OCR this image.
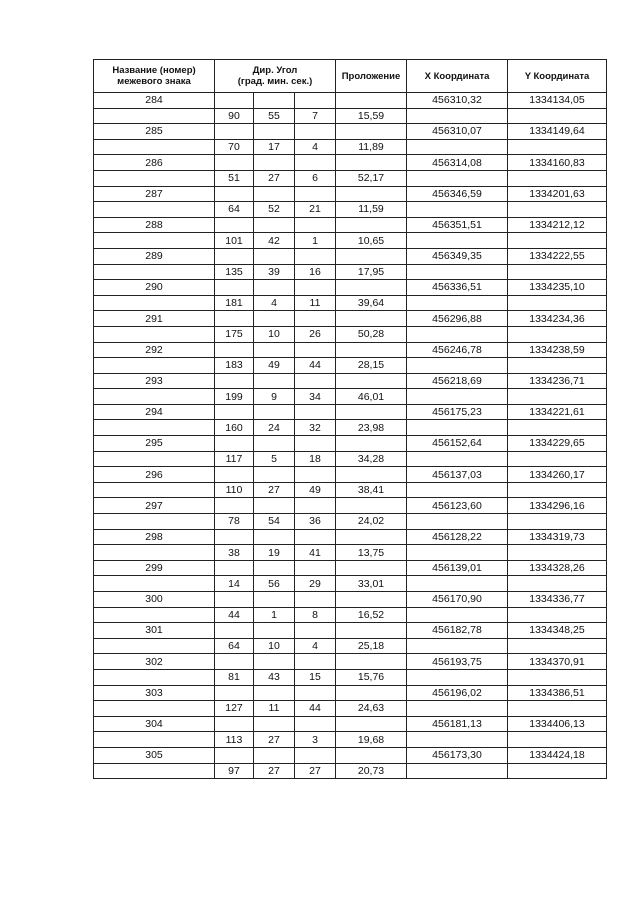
Название (номер) межевого знака	Дир. Угол
(град. мин. сек.)			Проложение	X Координата	Y Координата
284					456310,32	1334134,05
	90	55	7	15,59		
285					456310,07	1334149,64
	70	17	4	11,89		
286					456314,08	1334160,83
	51	27	6	52,17		
287					456346,59	1334201,63
	64	52	21	11,59		
288					456351,51	1334212,12
	101	42	1	10,65		
289					456349,35	1334222,55
	135	39	16	17,95		
290					456336,51	1334235,10
	181	4	11	39,64		
291					456296,88	1334234,36
	175	10	26	50,28		
292					456246,78	1334238,59
	183	49	44	28,15		
293					456218,69	1334236,71
	199	9	34	46,01		
294					456175,23	1334221,61
	160	24	32	23,98		
295					456152,64	1334229,65
	117	5	18	34,28		
296					456137,03	1334260,17
	110	27	49	38,41		
297					456123,60	1334296,16
	78	54	36	24,02		
298					456128,22	1334319,73
	38	19	41	13,75		
299					456139,01	1334328,26
	14	56	29	33,01		
300					456170,90	1334336,77
	44	1	8	16,52		
301					456182,78	1334348,25
	64	10	4	25,18		
302					456193,75	1334370,91
	81	43	15	15,76		
303					456196,02	1334386,51
	127	11	44	24,63		
304					456181,13	1334406,13
	113	27	3	19,68		
305					456173,30	1334424,18
	97	27	27	20,73		
